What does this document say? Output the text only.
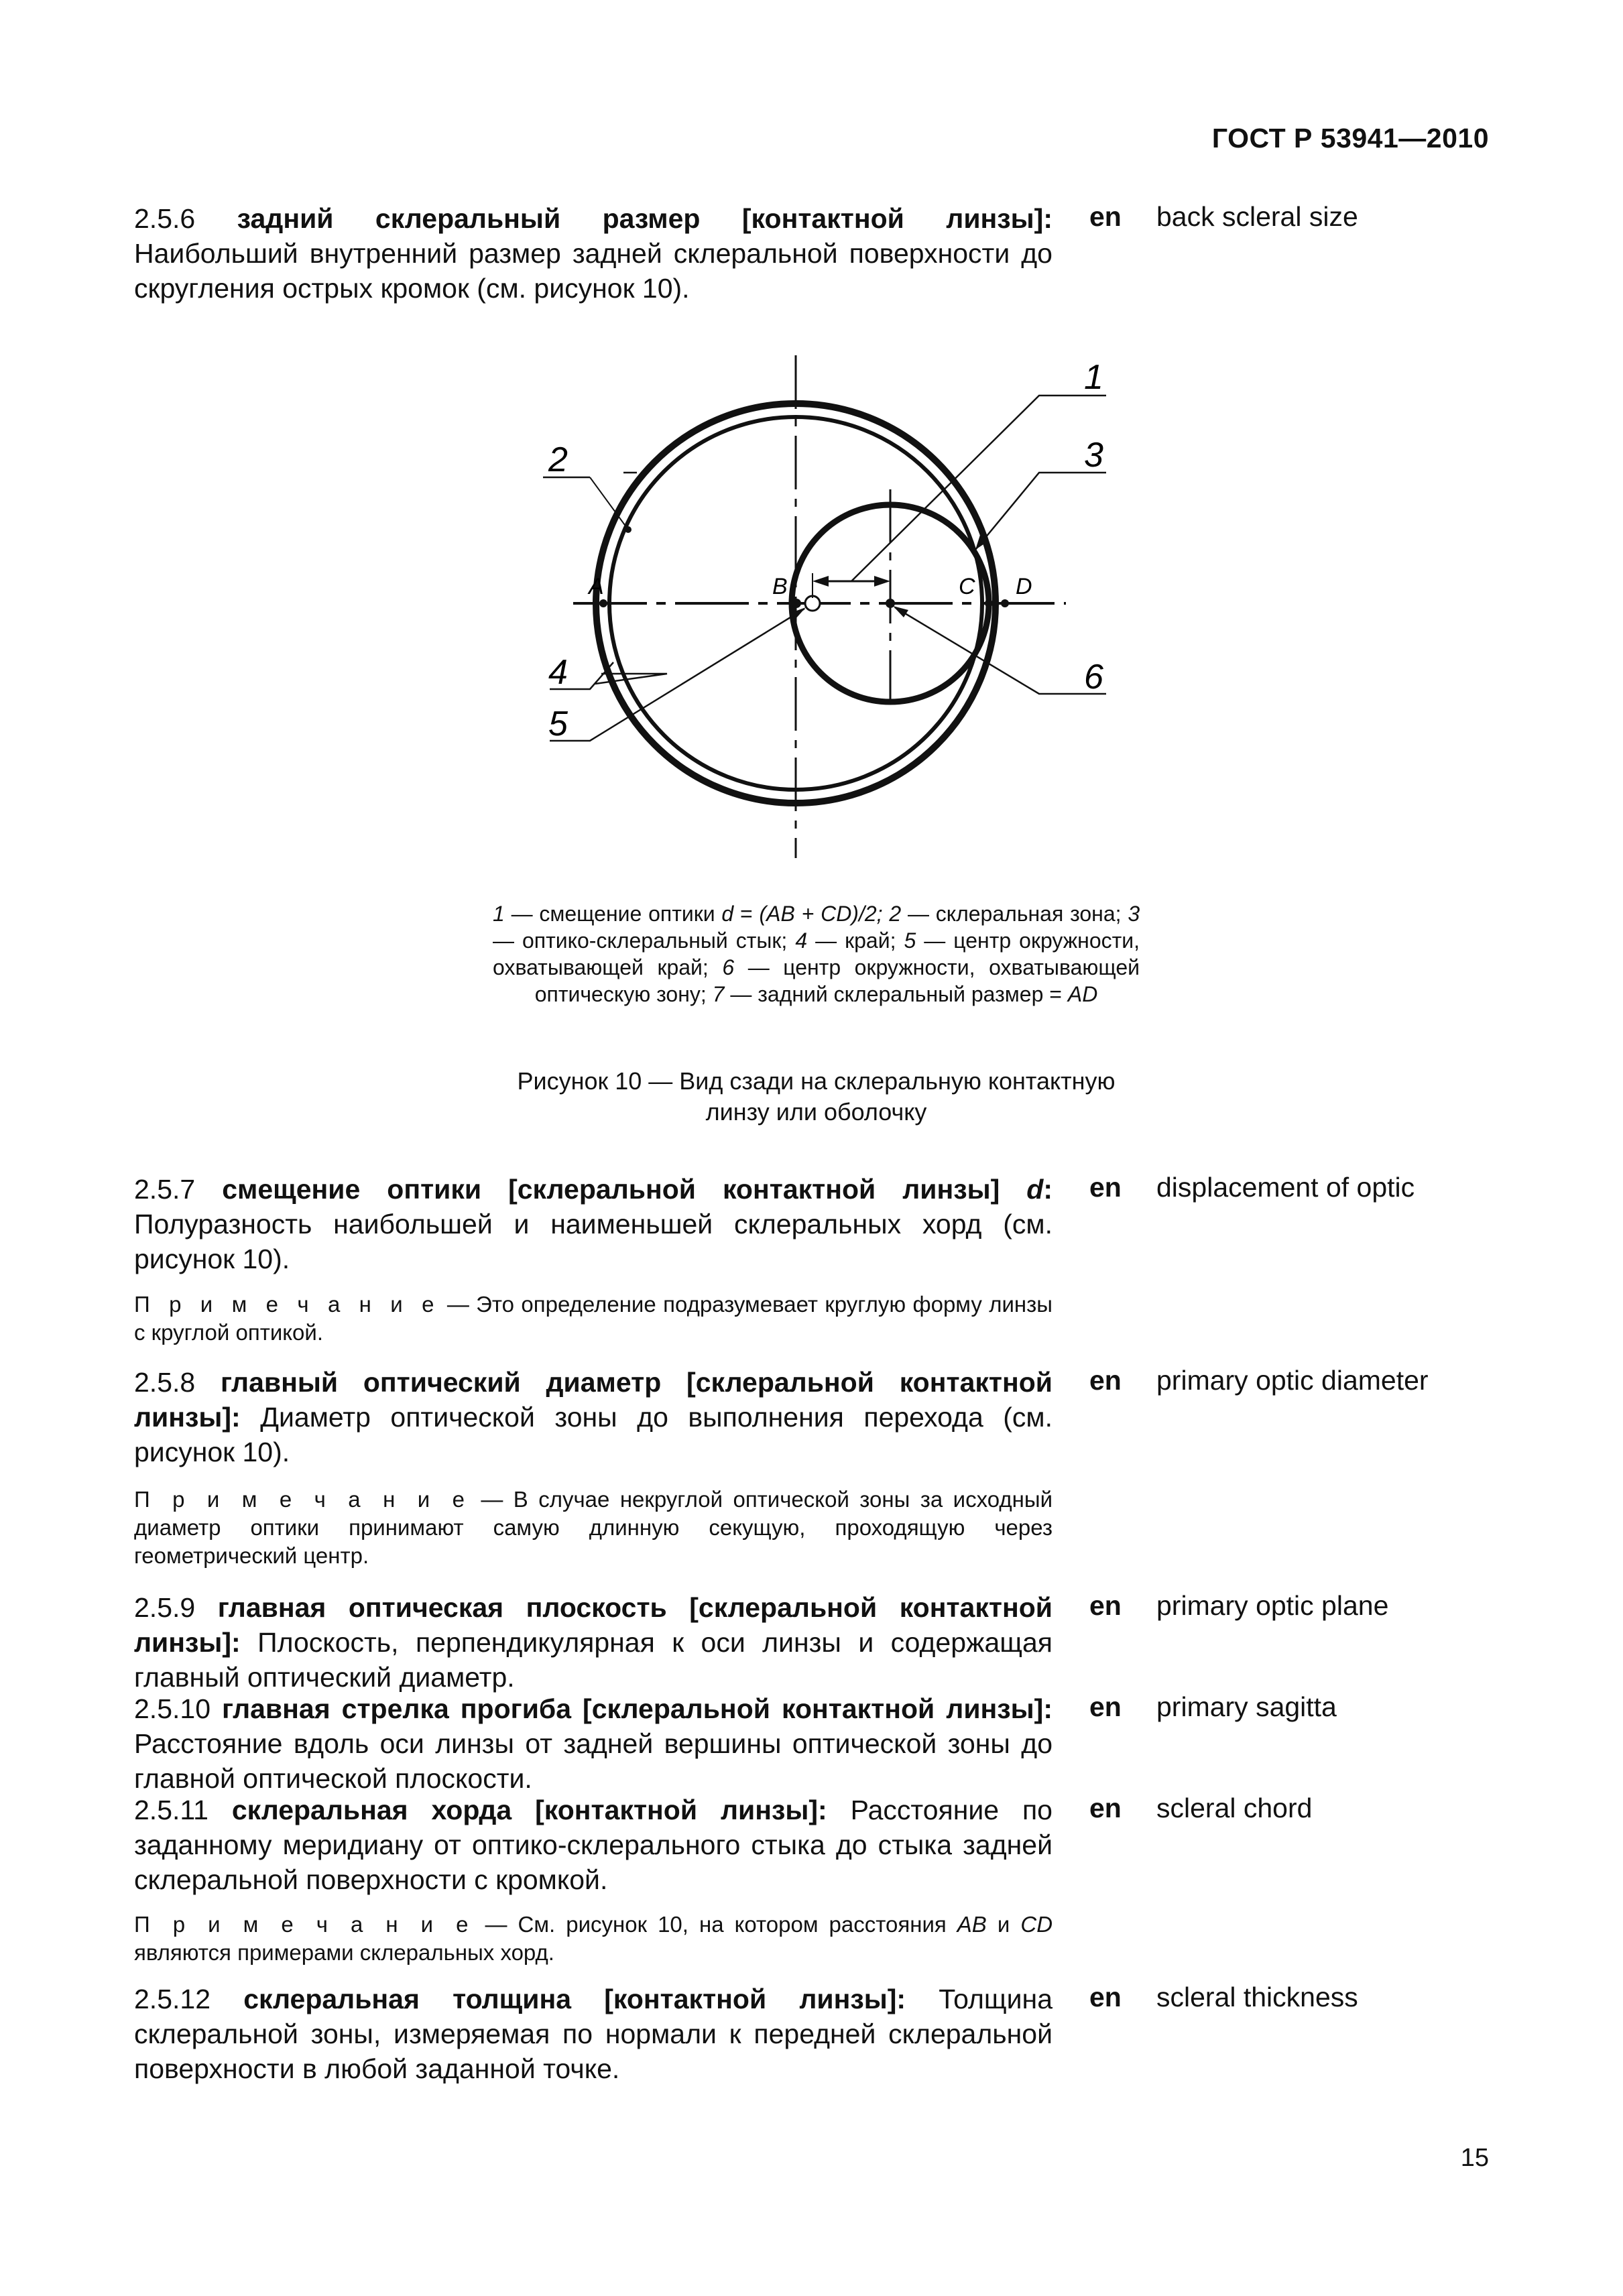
ГОСТ Р 53941—2010
2.5.6 задний склеральный размер [контактной линзы]: Наибольший внутренний размер задней склеральной поверхности до скругления острых кромок (см. рисунок 10).
en back scleral size
1
2	3
4
5
6
A	B	C D
1 — смещение оптики d = (AB + CD)/2; 2 — склеральная зона; 3 — оптико-склеральный стык; 4 — край; 5 — центр окружности, охватывающей край; 6 — центр окружности, охватывающей оптическую зону; 7 — задний склеральный размер = AD
Рисунок 10 — Вид сзади на склеральную контактную линзу или оболочку
2.5.7 смещение оптики [склеральной контактной линзы] d: Полуразность наибольшей и наименьшей склеральных хорд (см. рисунок 10).
en displacement of optic
П р и м е ч а н и е — Это определение подразумевает круглую форму линзы с круглой оптикой.
2.5.8 главный оптический диаметр [склеральной контактной линзы]: Диаметр оптической зоны до выполнения перехода (см. рисунок 10).
en primary optic diameter
П р и м е ч а н и е — В случае некруглой оптической зоны за исходный диаметр оптики принимают самую длинную секущую, проходящую через геометрический центр.
2.5.9 главная оптическая плоскость [склеральной контактной линзы]: Плоскость, перпендикулярная к оси линзы и содержащая главный оптический диаметр.
en primary optic plane
2.5.10 главная стрелка прогиба [склеральной контактной линзы]: Расстояние вдоль оси линзы от задней вершины оптической зоны до главной оптической плоскости.
en primary sagitta
2.5.11 склеральная хорда [контактной линзы]: Расстояние по заданному меридиану от оптико-склерального стыка до стыка задней склеральной поверхности с кромкой.
en scleral chord
П р и м е ч а н и е — См. рисунок 10, на котором расстояния AB и CD являются примерами склеральных хорд.
2.5.12 склеральная толщина [контактной линзы]: Толщина склеральной зоны, измеряемая по нормали к передней склеральной поверхности в любой заданной точке.
en scleral thickness
15
